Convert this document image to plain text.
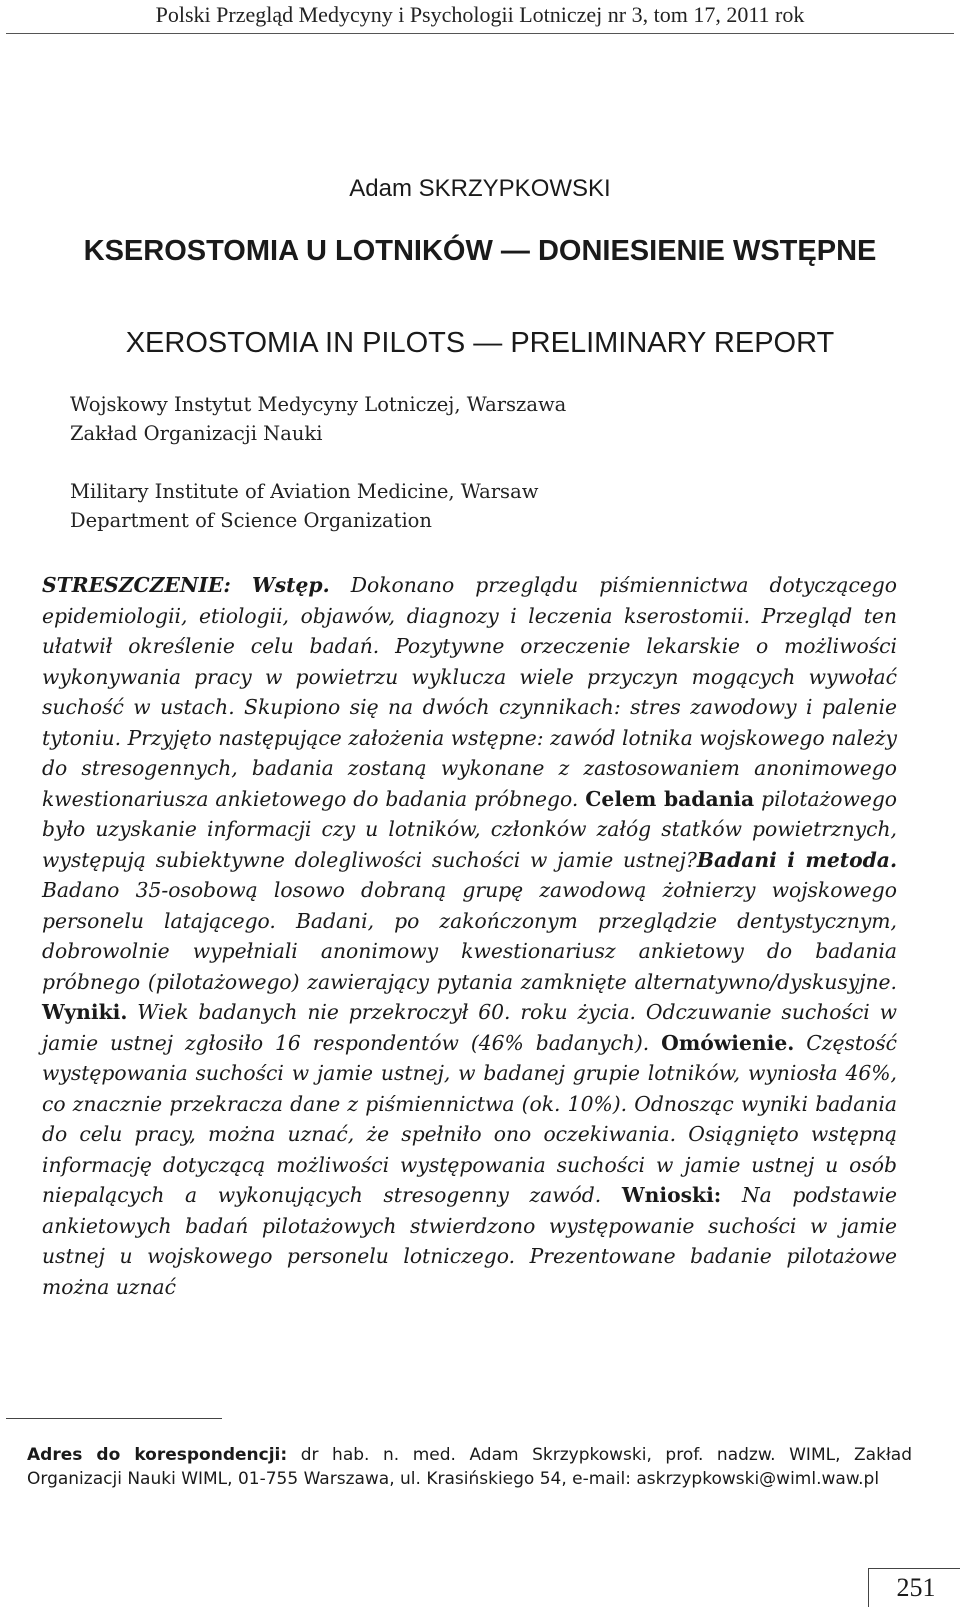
Polski Przegląd Medycyny i Psychologii Lotniczej nr 3, tom 17, 2011 rok
Adam SKRZYPKOWSKI
KSEROSTOMIA U LOTNIKÓW — DONIESIENIE WSTĘPNE
XEROSTOMIA IN PILOTS — PRELIMINARY REPORT
Wojskowy Instytut Medycyny Lotniczej, Warszawa
Zakład Organizacji Nauki
Military Institute of Aviation Medicine, Warsaw
Department of Science Organization
STRESZCZENIE: Wstęp. Dokonano przeglądu piśmiennictwa dotyczącego epidemiologii, etiologii, objawów, diagnozy i leczenia kserostomii. Przegląd ten ułatwił określenie celu badań. Pozytywne orzeczenie lekarskie o możliwości wykonywania pracy w powietrzu wyklucza wiele przyczyn mogących wywołać suchość w ustach. Skupiono się na dwóch czynnikach: stres zawodowy i palenie tytoniu. Przyjęto następujące założenia wstępne: zawód lotnika wojskowego należy do stresogennych, badania zostaną wykonane z zastosowaniem anonimowego kwestionariusza ankietowego do badania próbnego. Celem badania pilotażowego było uzyskanie informacji czy u lotników, członków załóg statków powietrznych, występują subiektywne dolegliwości suchości w jamie ustnej?Badani i metoda. Badano 35-osobową losowo dobraną grupę zawodową żołnierzy wojskowego personelu latającego. Badani, po zakończonym przeglądzie dentystycznym, dobrowolnie wypełniali anonimowy kwestionariusz ankietowy do badania próbnego (pilotażowego) zawierający pytania zamknięte alternatywno/dyskusyjne. Wyniki. Wiek badanych nie przekroczył 60. roku życia. Odczuwanie suchości w jamie ustnej zgłosiło 16 respondentów (46% badanych). Omówienie. Częstość występowania suchości w jamie ustnej, w badanej grupie lotników, wyniosła 46%, co znacznie przekracza dane z piśmiennictwa (ok. 10%). Odnosząc wyniki badania do celu pracy, można uznać, że spełniło ono oczekiwania. Osiągnięto wstępną informację dotyczącą możliwości występowania suchości w jamie ustnej u osób niepalących a wykonujących stresogenny zawód. Wnioski: Na podstawie ankietowych badań pilotażowych stwierdzono występowanie suchości w jamie ustnej u wojskowego personelu lotniczego. Prezentowane badanie pilotażowe można uznać
Adres do korespondencji: dr hab. n. med. Adam Skrzypkowski, prof. nadzw. WIML, Zakład Organizacji Nauki WIML, 01-755 Warszawa, ul. Krasińskiego 54, e-mail: askrzypkowski@wiml.waw.pl
251
